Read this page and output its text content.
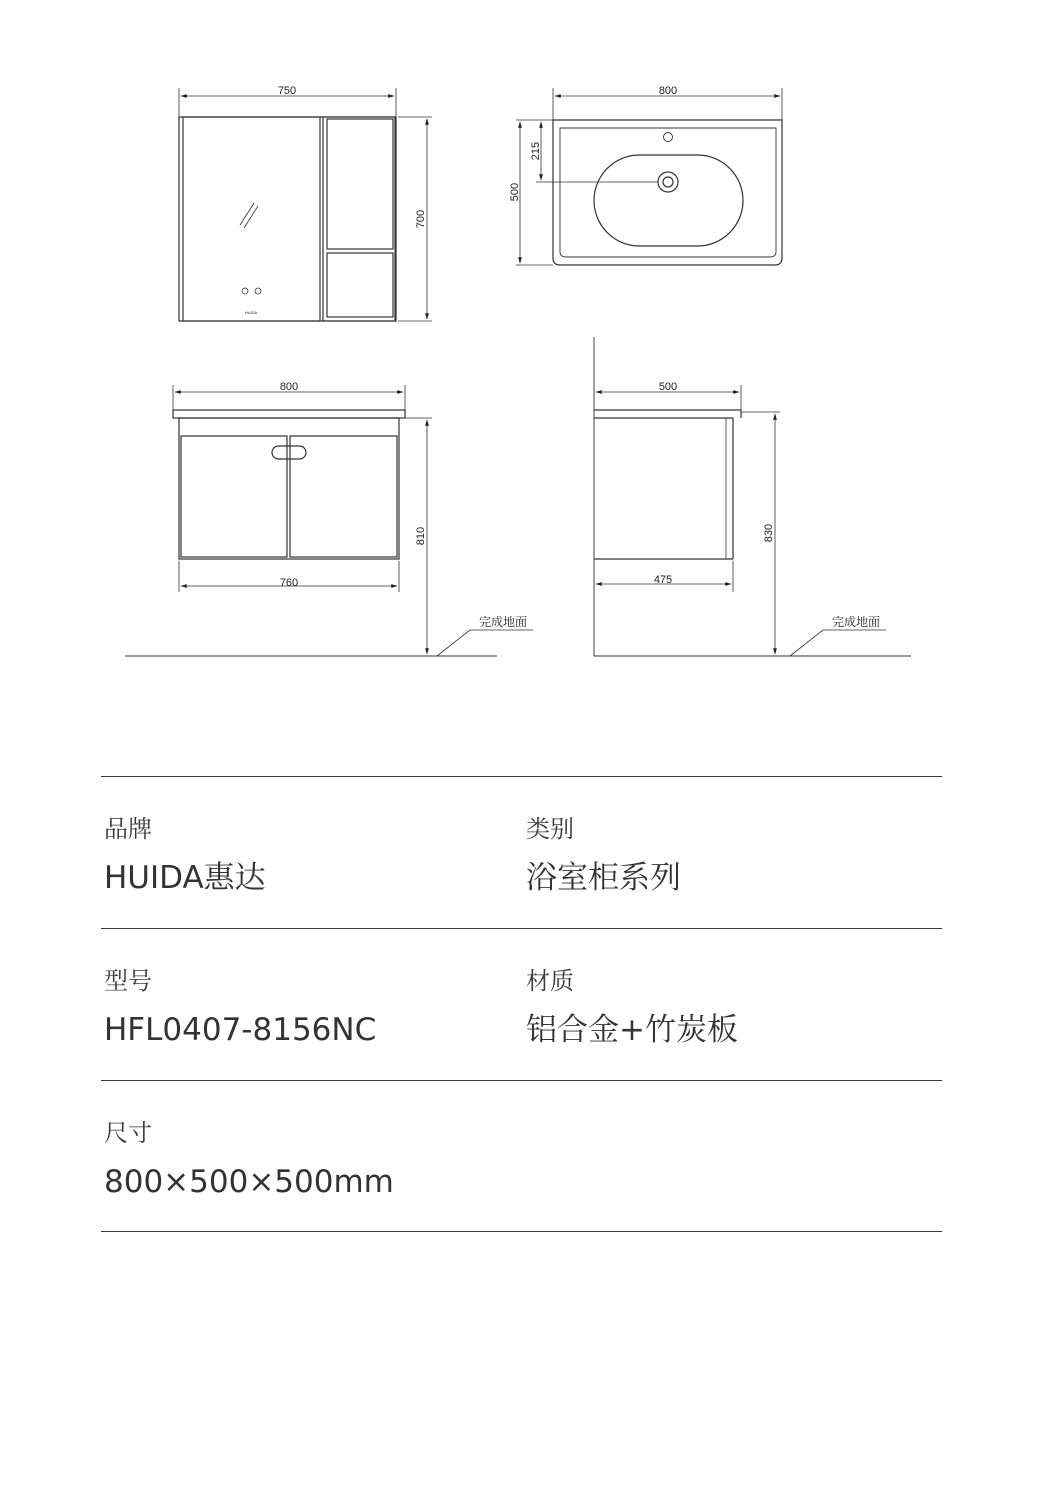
750
700
HUIDA
800
500
215
800
760
810
完成地面
500
475
830
完成地面
品牌
HUIDA惠达
类别
浴室柜系列
型号
HFL0407-8156NC
材质
铝合金+竹炭板
尺寸
800×500×500mm
